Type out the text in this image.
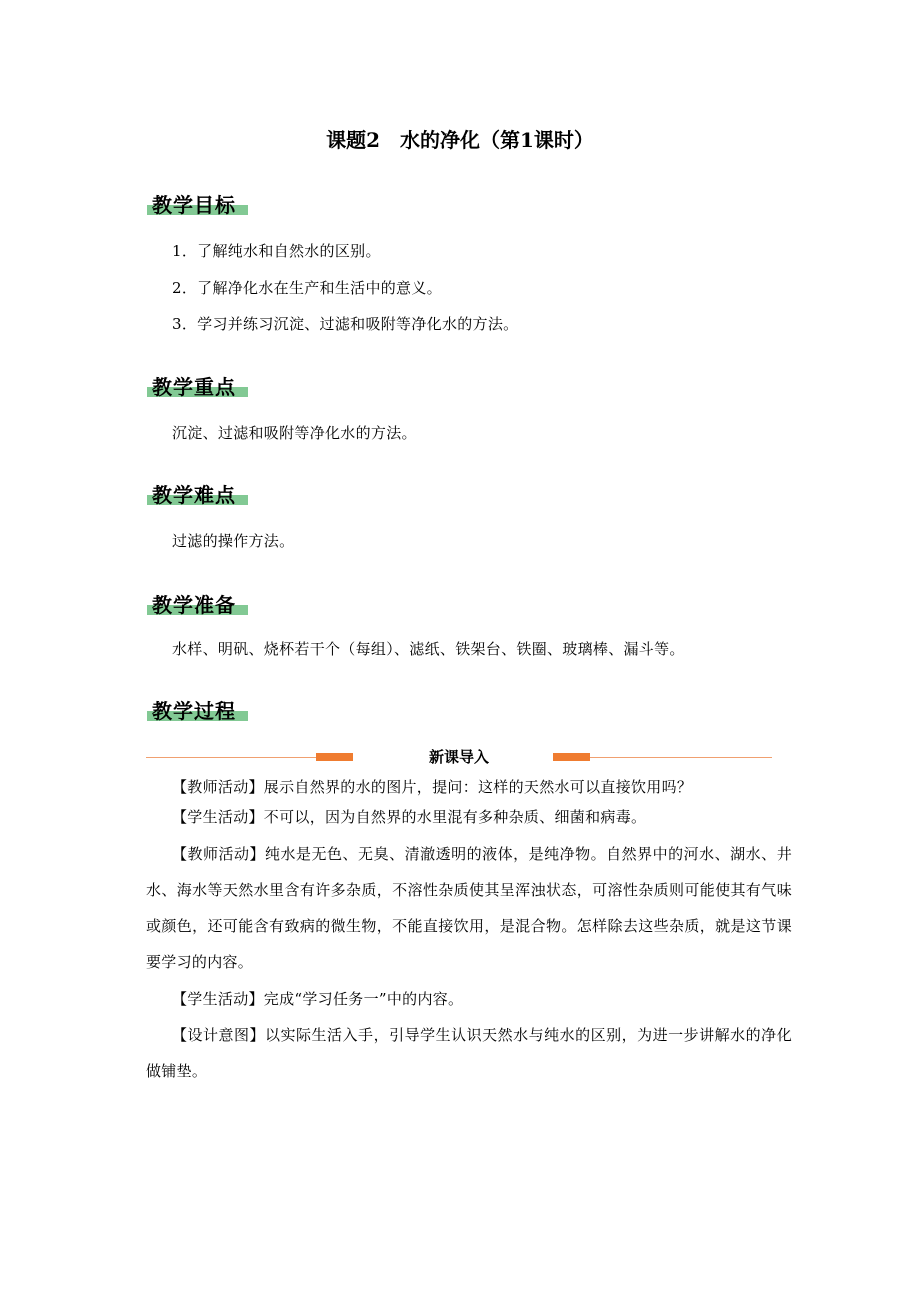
课题2　水的净化（第1课时）
教学目标
1．了解纯水和自然水的区别。
2．了解净化水在生产和生活中的意义。
3．学习并练习沉淀、过滤和吸附等净化水的方法。
教学重点
沉淀、过滤和吸附等净化水的方法。
教学难点
过滤的操作方法。
教学准备
水样、明矾、烧杯若干个（每组）、滤纸、铁架台、铁圈、玻璃棒、漏斗等。
教学过程
新课导入
【教师活动】展示自然界的水的图片，提问：这样的天然水可以直接饮用吗？
【学生活动】不可以，因为自然界的水里混有多种杂质、细菌和病毒。
【教师活动】纯水是无色、无臭、清澈透明的液体，是纯净物。自然界中的河水、湖水、井水、海水等天然水里含有许多杂质，不溶性杂质使其呈浑浊状态，可溶性杂质则可能使其有气味或颜色，还可能含有致病的微生物，不能直接饮用，是混合物。怎样除去这些杂质，就是这节课要学习的内容。
【学生活动】完成“学习任务一”中的内容。
【设计意图】以实际生活入手，引导学生认识天然水与纯水的区别，为进一步讲解水的净化做铺垫。
